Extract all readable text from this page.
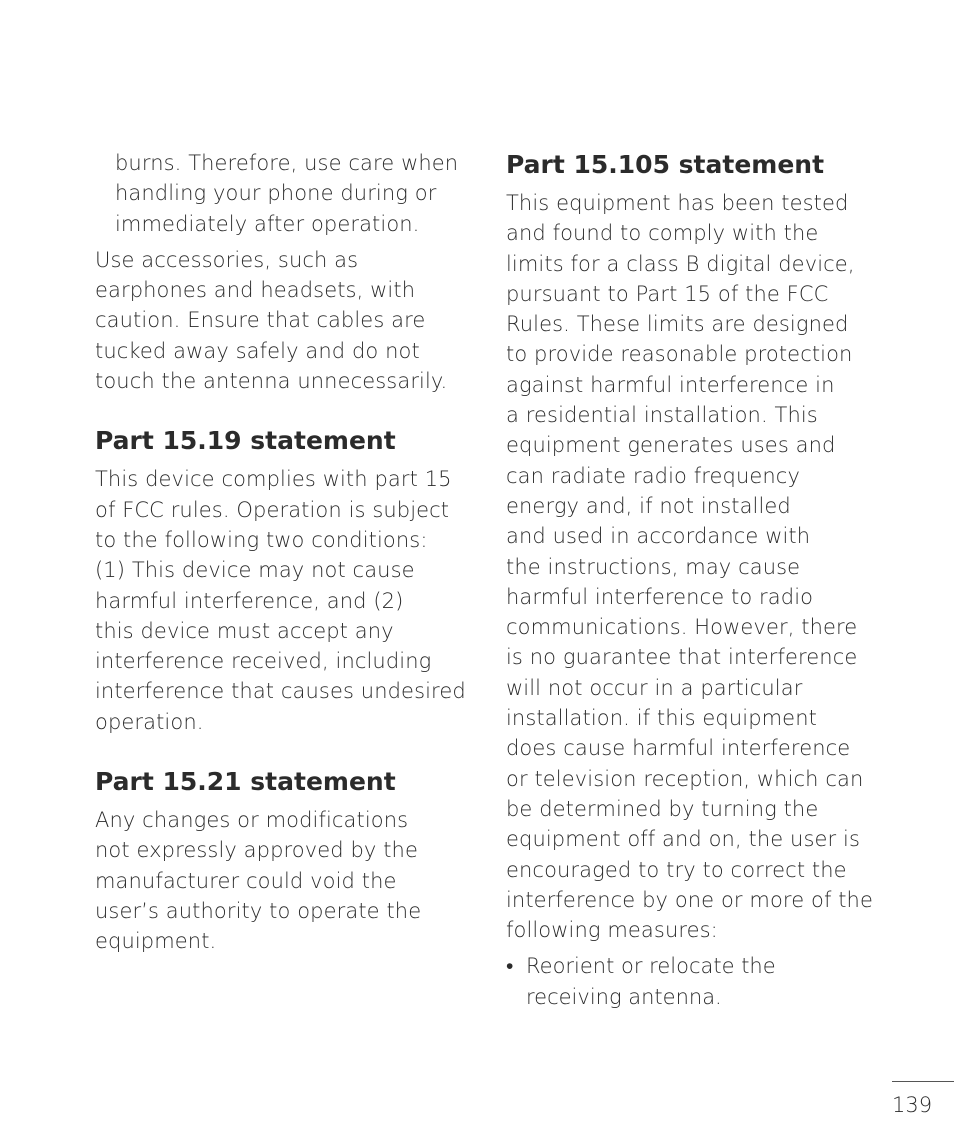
burns. Therefore, use care when
handling your phone during or
immediately after operation.
Use accessories, such as
earphones and headsets, with
caution. Ensure that cables are
tucked away safely and do not
touch the antenna unnecessarily.
Part 15.19 statement
This device complies with part 15
of FCC rules. Operation is subject
to the following two conditions:
(1) This device may not cause
harmful interference, and (2)
this device must accept any
interference received, including
interference that causes undesired
operation.
Part 15.21 statement
Any changes or modifications
not expressly approved by the
manufacturer could void the
user’s authority to operate the
equipment.
Part 15.105 statement
This equipment has been tested
and found to comply with the
limits for a class B digital device,
pursuant to Part 15 of the FCC
Rules. These limits are designed
to provide reasonable protection
against harmful interference in
a residential installation. This
equipment generates uses and
can radiate radio frequency
energy and, if not installed
and used in accordance with
the instructions, may cause
harmful interference to radio
communications. However, there
is no guarantee that interference
will not occur in a particular
installation. if this equipment
does cause harmful interference
or television reception, which can
be determined by turning the
equipment off and on, the user is
encouraged to try to correct the
interference by one or more of the
following measures:
• Reorient or relocate the
receiving antenna.
139
